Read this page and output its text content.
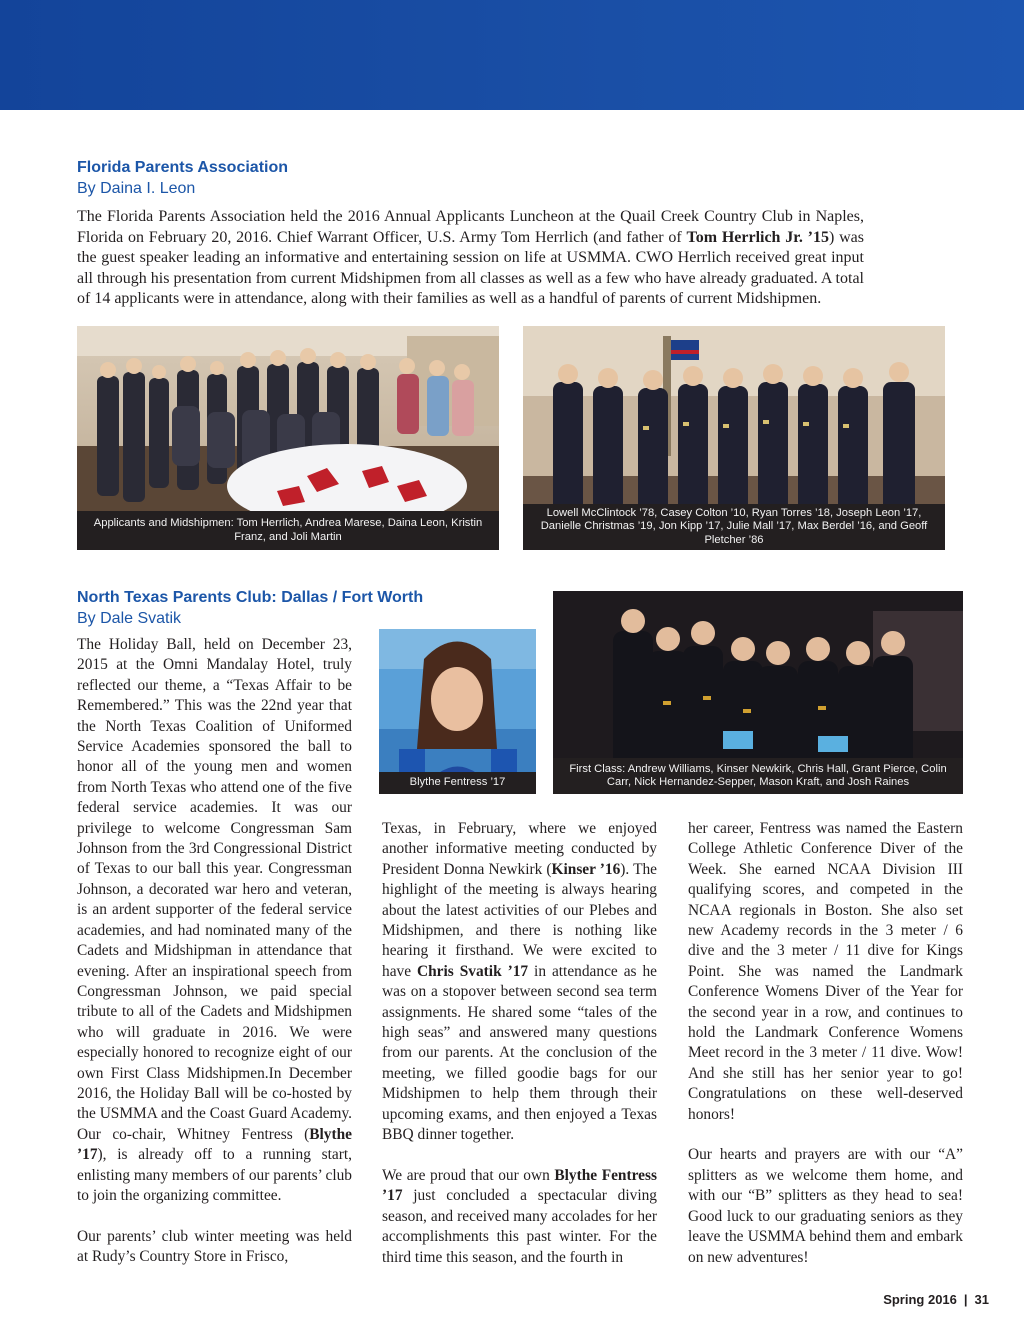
Florida Parents Association
By Daina I. Leon
The Florida Parents Association held the 2016 Annual Applicants Luncheon at the Quail Creek Country Club in Naples, Florida on February 20, 2016. Chief Warrant Officer, U.S. Army Tom Herrlich (and father of Tom Herrlich Jr. ’15) was the guest speaker leading an informative and entertaining session on life at USMMA. CWO Herrlich received great input all through his presentation from current Midshipmen from all classes as well as a few who have already graduated. A total of 14 applicants were in attendance, along with their families as well as a handful of parents of current Midshipmen.
Applicants and Midshipmen: Tom Herrlich, Andrea Marese, Daina Leon, Kristin Franz, and Joli Martin
Lowell McClintock ’78, Casey Colton ’10, Ryan Torres ’18, Joseph Leon ’17, Danielle Christmas ’19, Jon Kipp ’17, Julie Mall ’17, Max Berdel ’16, and Geoff Pletcher ’86
North Texas Parents Club: Dallas / Fort Worth
By Dale Svatik
Blythe Fentress ’17
First Class: Andrew Williams, Kinser Newkirk, Chris Hall, Grant Pierce, Colin Carr, Nick Hernandez-Sepper, Mason Kraft, and Josh Raines

The Holiday Ball, held on December 23, 2015 at the Omni Mandalay Hotel, truly reflected our theme, a “Texas Affair to be Remembered.” This was the 22nd year that the North Texas Coalition of Uniformed Service Academies sponsored the ball to honor all of the young men and women from North Texas who attend one of the five federal service academies. It was our privilege to welcome Congressman Sam Johnson from the 3rd Congressional District of Texas to our ball this year. Congressman Johnson, a decorated war hero and veteran, is an ardent supporter of the federal service academies, and had nominated many of the Cadets and Midshipman in attendance that evening. After an inspirational speech from Congressman Johnson, we paid special tribute to all of the Cadets and Midshipmen who will graduate in 2016. We were especially honored to recognize eight of our own First Class Midshipmen.In December 2016, the Holiday Ball will be co-hosted by the USMMA and the Coast Guard Academy. Our co-chair, Whitney Fentress (Blythe ’17), is already off to a running start, enlisting many members of our parents’ club to join the organizing committee.

Our parents’ club winter meeting was held at Rudy’s Country Store in Frisco,

Texas, in February, where we enjoyed another informative meeting conducted by President Donna Newkirk (Kinser ’16). The highlight of the meeting is always hearing about the latest activities of our Plebes and Midshipmen, and there is nothing like hearing it firsthand. We were excited to have Chris Svatik ’17 in attendance as he was on a stopover between second sea term assignments. He shared some “tales of the high seas” and answered many questions from our parents. At the conclusion of the meeting, we filled goodie bags for our Midshipmen to help them through their upcoming exams, and then enjoyed a Texas BBQ dinner together.

We are proud that our own Blythe Fentress ’17 just concluded a spectacular diving season, and received many accolades for her accomplishments this past winter. For the third time this season, and the fourth in

her career, Fentress was named the Eastern College Athletic Conference Diver of the Week. She earned NCAA Division III qualifying scores, and competed in the NCAA regionals in Boston. She also set new Academy records in the 3 meter / 6 dive and the 3 meter / 11 dive for Kings Point. She was named the Landmark Conference Womens Diver of the Year for the second year in a row, and continues to hold the Landmark Conference Womens Meet record in the 3 meter / 11 dive. Wow! And she still has her senior year to go! Congratulations on these well-deserved honors!

Our hearts and prayers are with our “A” splitters as we welcome them home, and with our “B” splitters as they head to sea! Good luck to our graduating seniors as they leave the USMMA behind them and embark on new adventures!

Spring 2016 | 31
